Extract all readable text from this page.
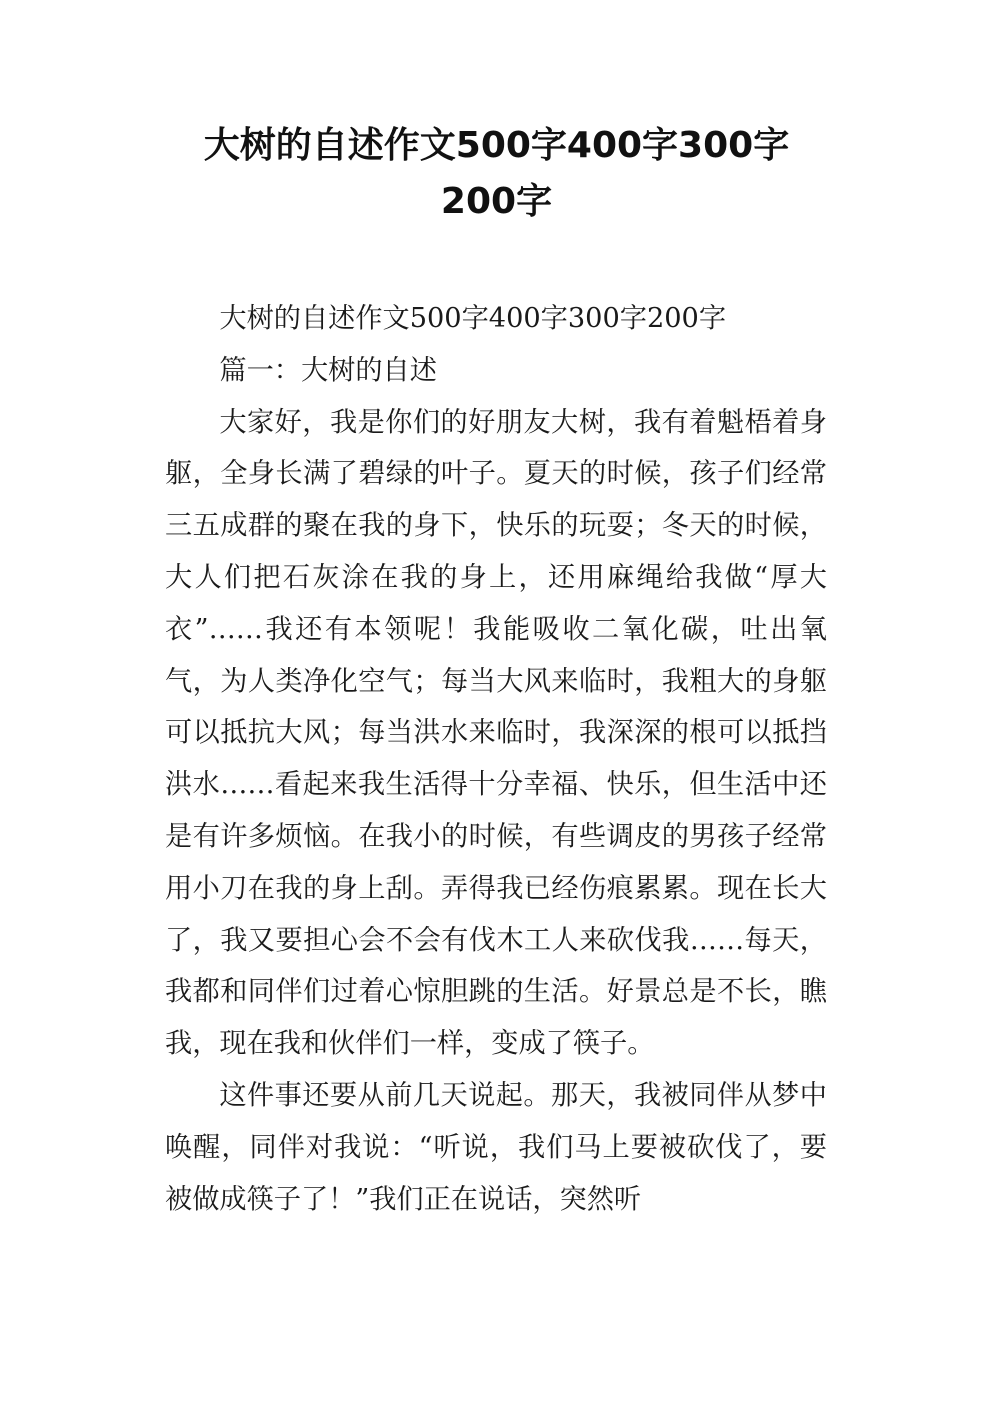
大树的自述作文500字400字300字
200字

大树的自述作文500字400字300字200字

篇一：大树的自述

大家好，我是你们的好朋友大树，我有着魁梧着身躯，全身长满了碧绿的叶子。夏天的时候，孩子们经常三五成群的聚在我的身下，快乐的玩耍；冬天的时候，大人们把石灰涂在我的身上，还用麻绳给我做“厚大衣”……我还有本领呢！我能吸收二氧化碳，吐出氧气，为人类净化空气；每当大风来临时，我粗大的身躯可以抵抗大风；每当洪水来临时，我深深的根可以抵挡洪水……看起来我生活得十分幸福、快乐，但生活中还是有许多烦恼。在我小的时候，有些调皮的男孩子经常用小刀在我的身上刮。弄得我已经伤痕累累。现在长大了，我又要担心会不会有伐木工人来砍伐我……每天，我都和同伴们过着心惊胆跳的生活。好景总是不长，瞧我，现在我和伙伴们一样，变成了筷子。

这件事还要从前几天说起。那天，我被同伴从梦中唤醒，同伴对我说：“听说，我们马上要被砍伐了，要被做成筷子了！”我们正在说话，突然听
